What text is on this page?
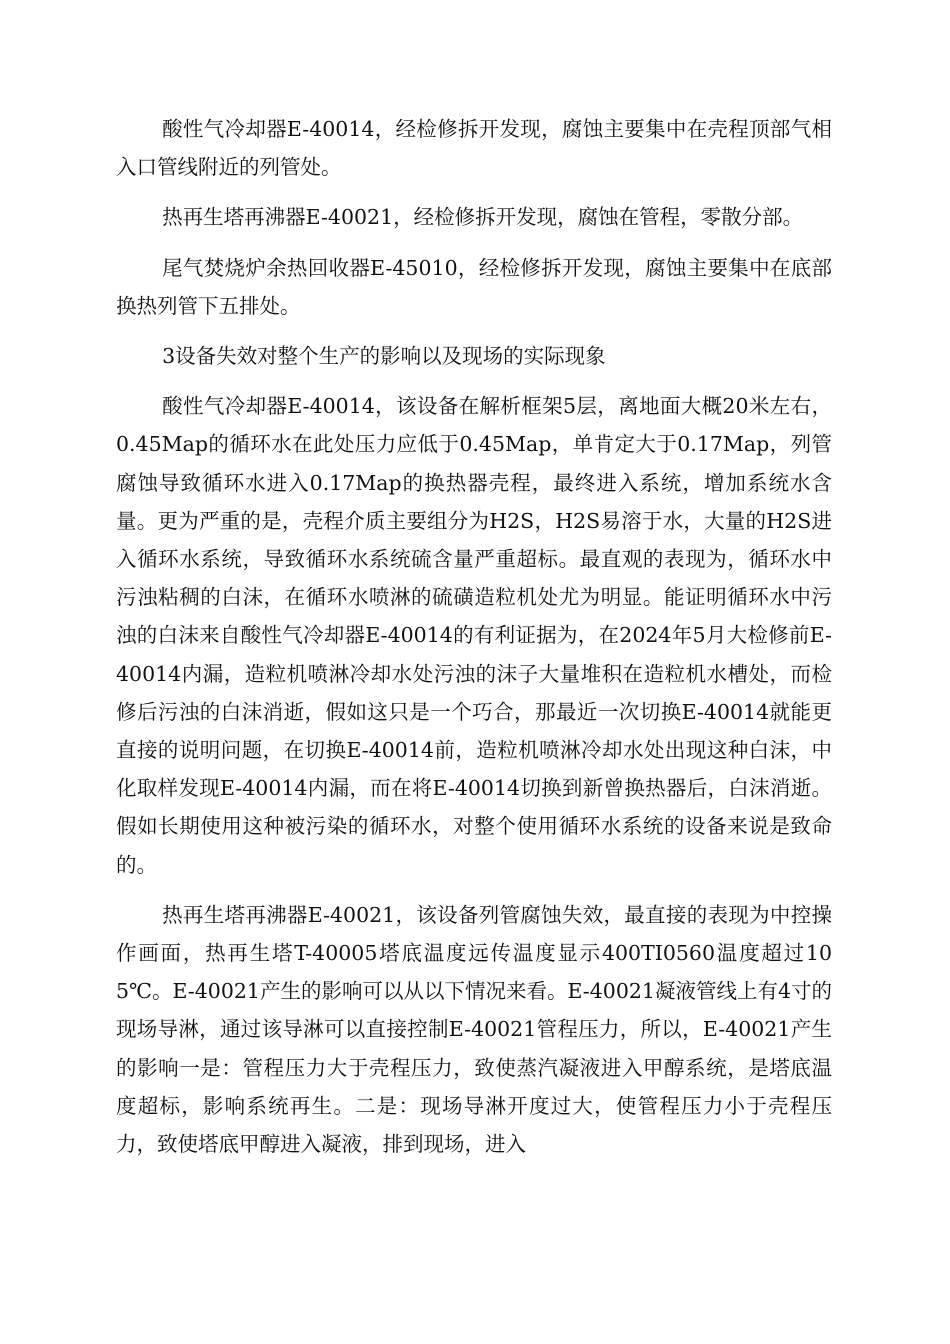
酸性气冷却器E-40014，经检修拆开发现，腐蚀主要集中在壳程顶部气相入口管线附近的列管处。

热再生塔再沸器E-40021，经检修拆开发现，腐蚀在管程，零散分部。

尾气焚烧炉余热回收器E-45010，经检修拆开发现，腐蚀主要集中在底部换热列管下五排处。

3设备失效对整个生产的影响以及现场的实际现象

酸性气冷却器E-40014，该设备在解析框架5层，离地面大概20米左右，0.45Map的循环水在此处压力应低于0.45Map，单肯定大于0.17Map，列管腐蚀导致循环水进入0.17Map的换热器壳程，最终进入系统，增加系统水含量。更为严重的是，壳程介质主要组分为H2S，H2S易溶于水，大量的H2S进入循环水系统，导致循环水系统硫含量严重超标。最直观的表现为，循环水中污浊粘稠的白沫，在循环水喷淋的硫磺造粒机处尤为明显。能证明循环水中污浊的白沫来自酸性气冷却器E-40014的有利证据为，在2024年5月大检修前E-40014内漏，造粒机喷淋冷却水处污浊的沫子大量堆积在造粒机水槽处，而检修后污浊的白沫消逝，假如这只是一个巧合，那最近一次切换E-40014就能更直接的说明问题，在切换E-40014前，造粒机喷淋冷却水处出现这种白沫，中化取样发现E-40014内漏，而在将E-40014切换到新曾换热器后，白沫消逝。假如长期使用这种被污染的循环水，对整个使用循环水系统的设备来说是致命的。

热再生塔再沸器E-40021，该设备列管腐蚀失效，最直接的表现为中控操作画面，热再生塔T-40005塔底温度远传温度显示400TI0560温度超过105℃。E-40021产生的影响可以从以下情况来看。E-40021凝液管线上有4寸的现场导淋，通过该导淋可以直接控制E-40021管程压力，所以，E-40021产生的影响一是：管程压力大于壳程压力，致使蒸汽凝液进入甲醇系统，是塔底温度超标，影响系统再生。二是：现场导淋开度过大，使管程压力小于壳程压力，致使塔底甲醇进入凝液，排到现场，进入
